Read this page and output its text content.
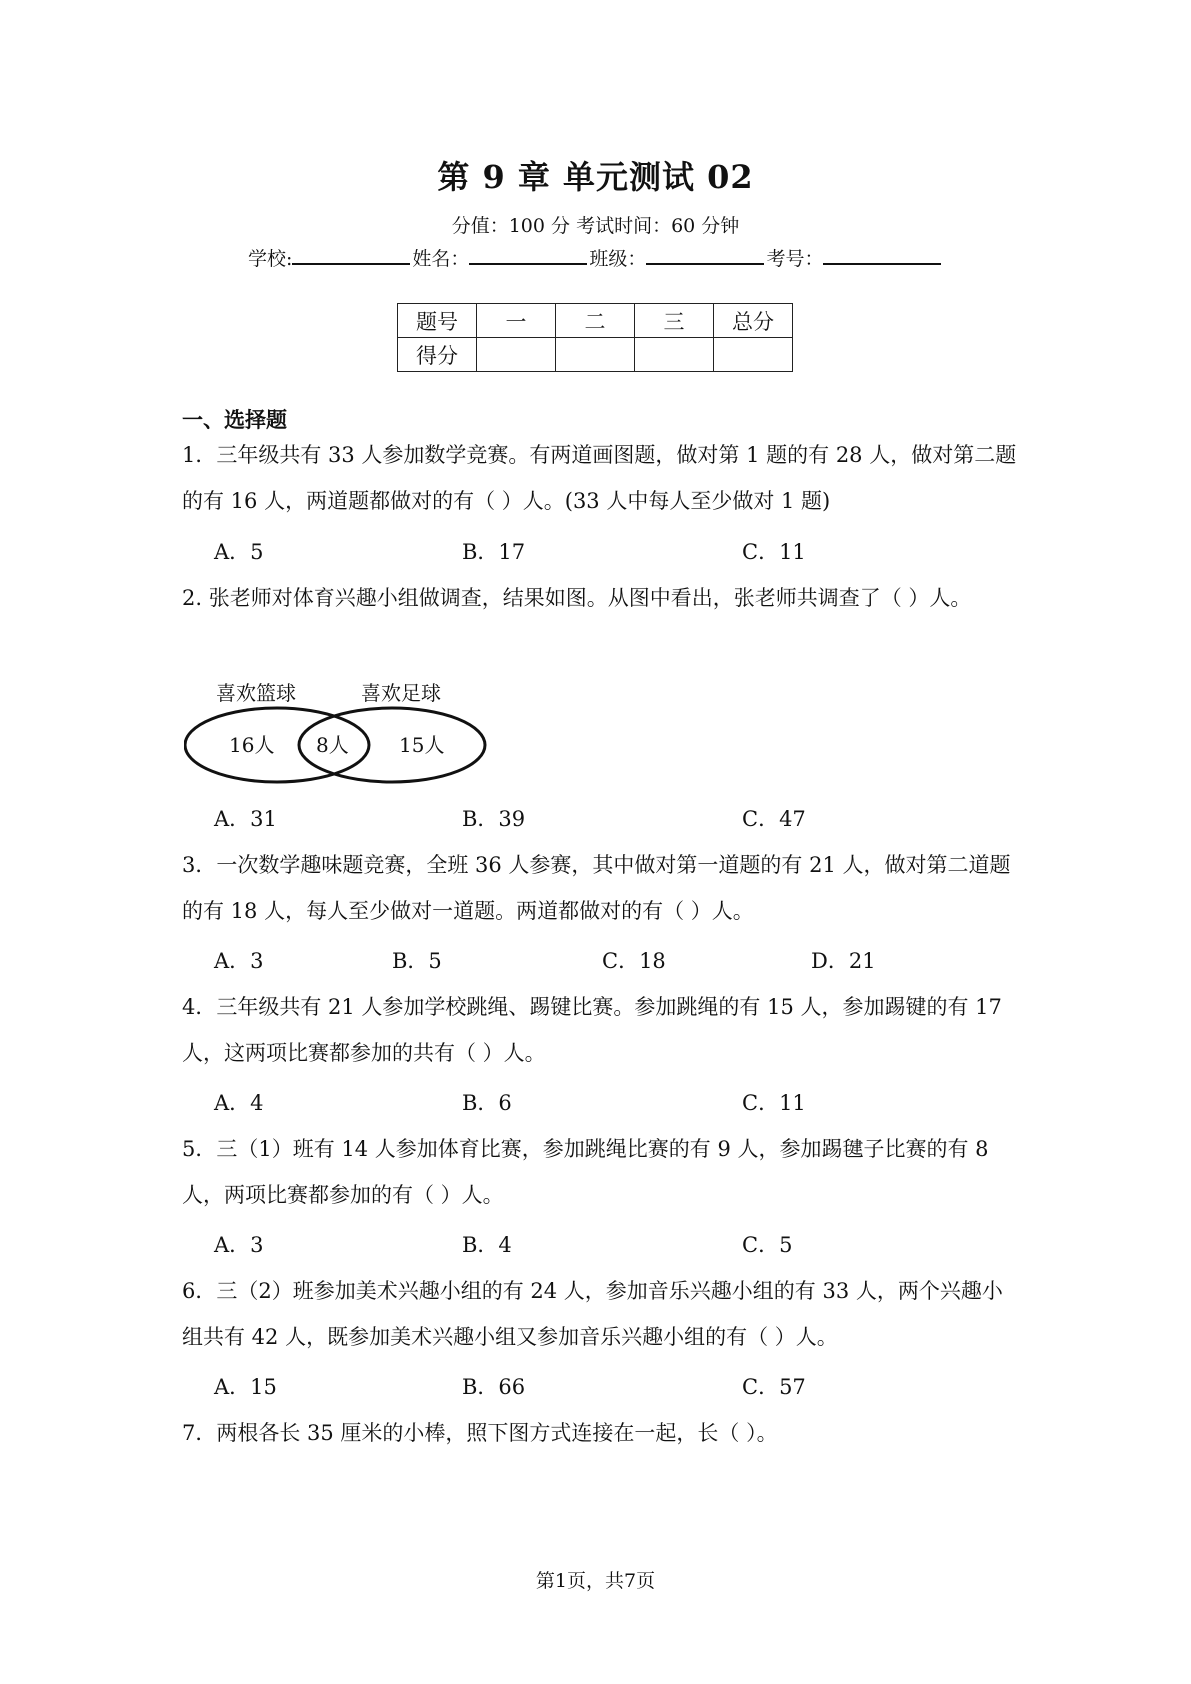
第 9 章 单元测试 02
分值：100 分 考试时间：60 分钟
学校:	姓名：	班级：	考号：
题号	一	二	三	总分
得分				
一、选择题
1．三年级共有 33 人参加数学竞赛。有两道画图题，做对第 1 题的有 28 人，做对第二题的有 16 人，两道题都做对的有（ ）人。(33 人中每人至少做对 1 题)
A．5	B．17	C．11
2. 张老师对体育兴趣小组做调查，结果如图。从图中看出，张老师共调查了（ ）人。
喜欢篮球	喜欢足球
16人 8人	15人
A．31	B．39	C．47
3．一次数学趣味题竞赛，全班 36 人参赛，其中做对第一道题的有 21 人，做对第二道题的有 18 人，每人至少做对一道题。两道都做对的有（ ）人。
A．3	B．5	C．18	D．21
4．三年级共有 21 人参加学校跳绳、踢键比赛。参加跳绳的有 15 人，参加踢键的有 17 人，这两项比赛都参加的共有（ ）人。
A．4	B．6	C．11
5．三（1）班有 14 人参加体育比赛，参加跳绳比赛的有 9 人，参加踢毽子比赛的有 8 人，两项比赛都参加的有（ ）人。
A．3	B．4	C．5
6．三（2）班参加美术兴趣小组的有 24 人，参加音乐兴趣小组的有 33 人，两个兴趣小组共有 42 人，既参加美术兴趣小组又参加音乐兴趣小组的有（ ）人。
A．15	B．66	C．57
7．两根各长 35 厘米的小棒，照下图方式连接在一起，长（ ）。
第1页，共7页
